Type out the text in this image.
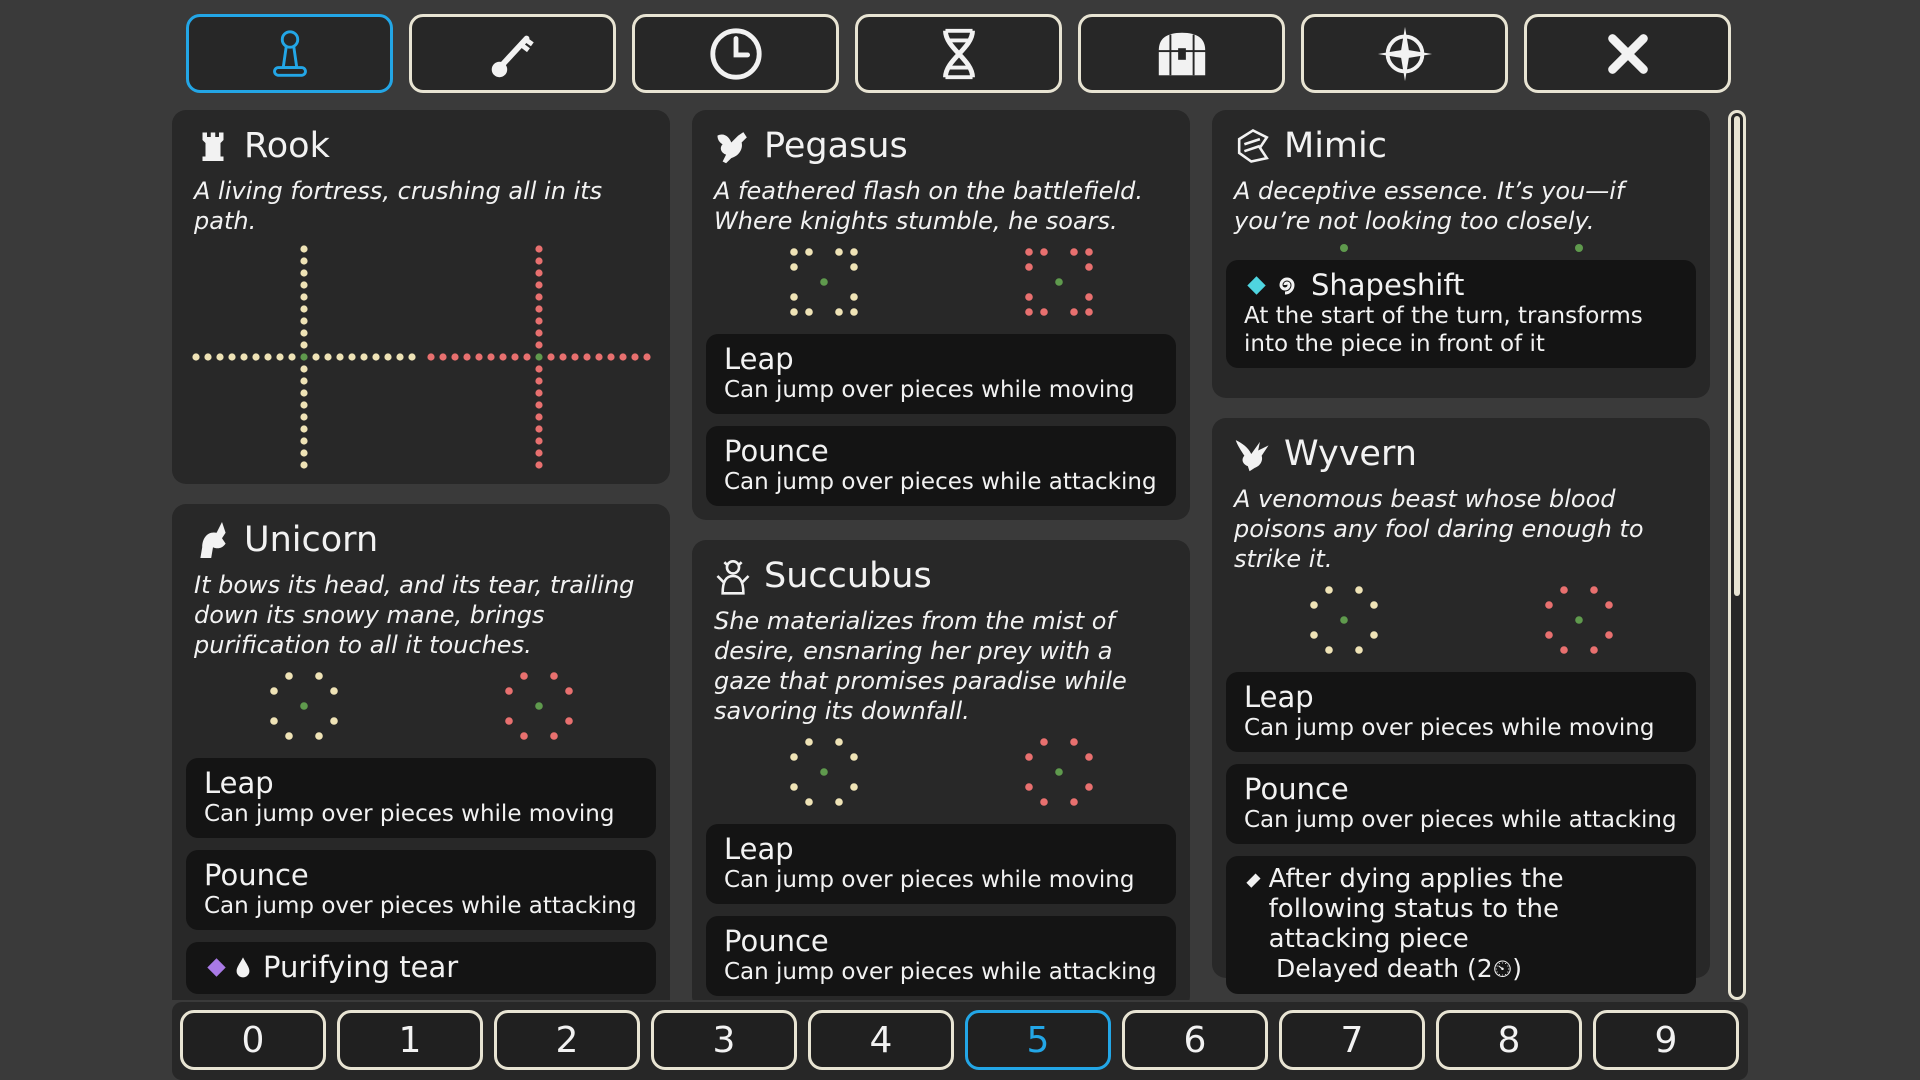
Rook
A living fortress, crushing all in its path.
Unicorn
It bows its head, and its tear, trailing down its snowy mane, brings purification to all it touches.
Leap
Can jump over pieces while moving
Pounce
Can jump over pieces while attacking
Purifying tear
Pegasus
A feathered flash on the battlefield. Where knights stumble, he soars.
Leap
Can jump over pieces while moving
Pounce
Can jump over pieces while attacking
Succubus
She materializes from the mist of desire, ensnaring her prey with a gaze that promises paradise while savoring its downfall.
Leap
Can jump over pieces while moving
Pounce
Can jump over pieces while attacking
Mimic
A deceptive essence. It’s you—if you’re not looking too closely.
Shapeshift
At the start of the turn, transforms into the piece in front of it
Wyvern
A venomous beast whose blood poisons any fool daring enough to strike it.
Leap
Can jump over pieces while moving
Pounce
Can jump over pieces while attacking
After dying applies the following status to the attacking piece
Delayed death (2⏲)
0	1	2	3	4	5	6	7	8	9
